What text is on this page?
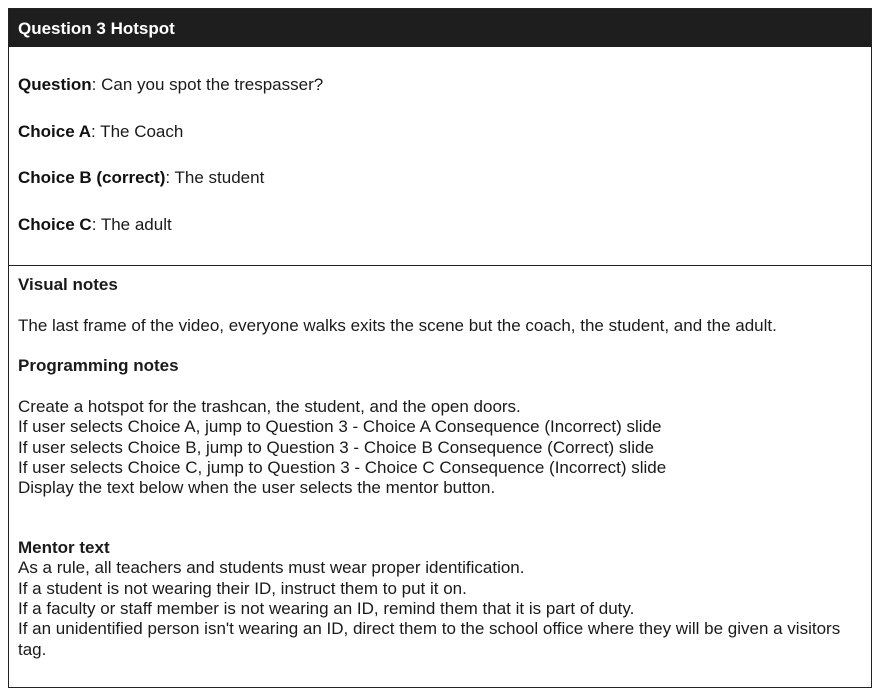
Question 3 Hotspot
Question: Can you spot the trespasser?
Choice A: The Coach
Choice B (correct): The student
Choice C: The adult
Visual notes
The last frame of the video, everyone walks exits the scene but the coach, the student, and the adult.
Programming notes
Create a hotspot for the trashcan, the student, and the open doors.
If user selects Choice A, jump to Question 3 - Choice A Consequence (Incorrect) slide
If user selects Choice B, jump to Question 3 - Choice B Consequence (Correct) slide
If user selects Choice C, jump to Question 3 - Choice C Consequence (Incorrect) slide
Display the text below when the user selects the mentor button.
Mentor text
As a rule, all teachers and students must wear proper identification.
If a student is not wearing their ID, instruct them to put it on.
If a faculty or staff member is not wearing an ID, remind them that it is part of duty.
If an unidentified person isn't wearing an ID, direct them to the school office where they will be given a visitors tag.
